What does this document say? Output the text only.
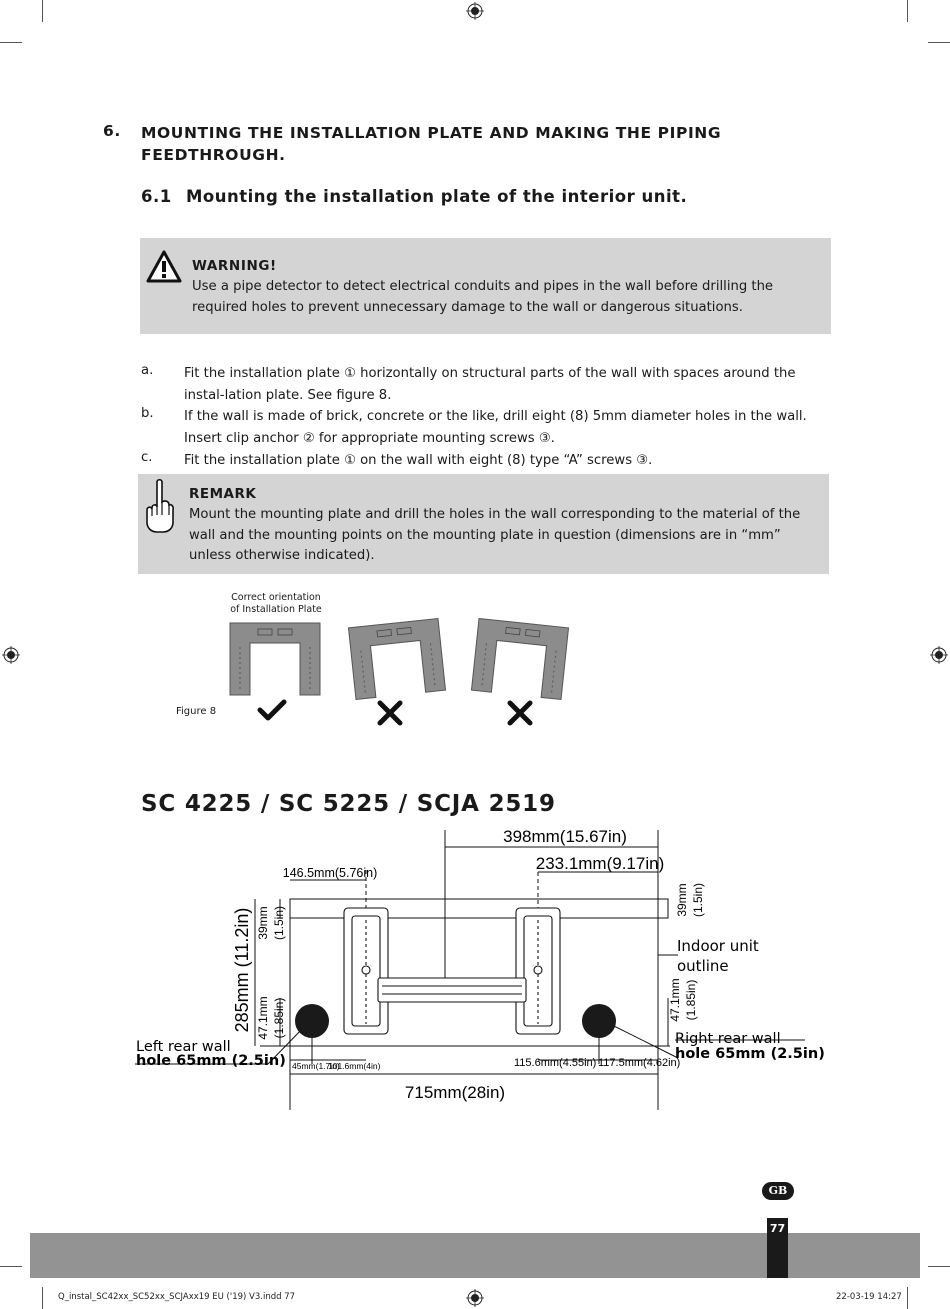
6. MOUNTING THE INSTALLATION PLATE AND MAKING THE PIPING FEEDTHROUGH.
6.1 Mounting the installation plate of the interior unit.
WARNING!
Use a pipe detector to detect electrical conduits and pipes in the wall before drilling the required holes to prevent unnecessary damage to the wall or dangerous situations.
a. Fit the installation plate ① horizontally on structural parts of the wall with spaces around the instal-lation plate. See figure 8.
b. If the wall is made of brick, concrete or the like, drill eight (8) 5mm diameter holes in the wall. Insert clip anchor ② for appropriate mounting screws ③.
c. Fit the installation plate ① on the wall with eight (8) type “A” screws ③.
REMARK
Mount the mounting plate and drill the holes in the wall corresponding to the material of the wall and the mounting points on the mounting plate in question (dimensions are in “mm” unless otherwise indicated).
Correct orientation
of Installation Plate
Figure 8
SC 4225 / SC 5225 / SCJA 2519
398mm(15.67in)
233.1mm(9.17in)
146.5mm(5.76in)
285mm (11.2in) 39mm (1.5in)
47.1mm (1.85in)
39mm (1.5in)
47.1mm (1.85in)
Indoor unit
outline
Left rear wall
hole 65mm (2.5in)
Right rear wall
hole 65mm (2.5in)
45mm(1.7in)
101.6mm(4in)	115.6mm(4.55in) 117.5mm(4.62in)
715mm(28in)
GB
77
Q_instal_SC42xx_SC52xx_SCJAxx19 EU ('19) V3.indd 77	22-03-19 14:27
